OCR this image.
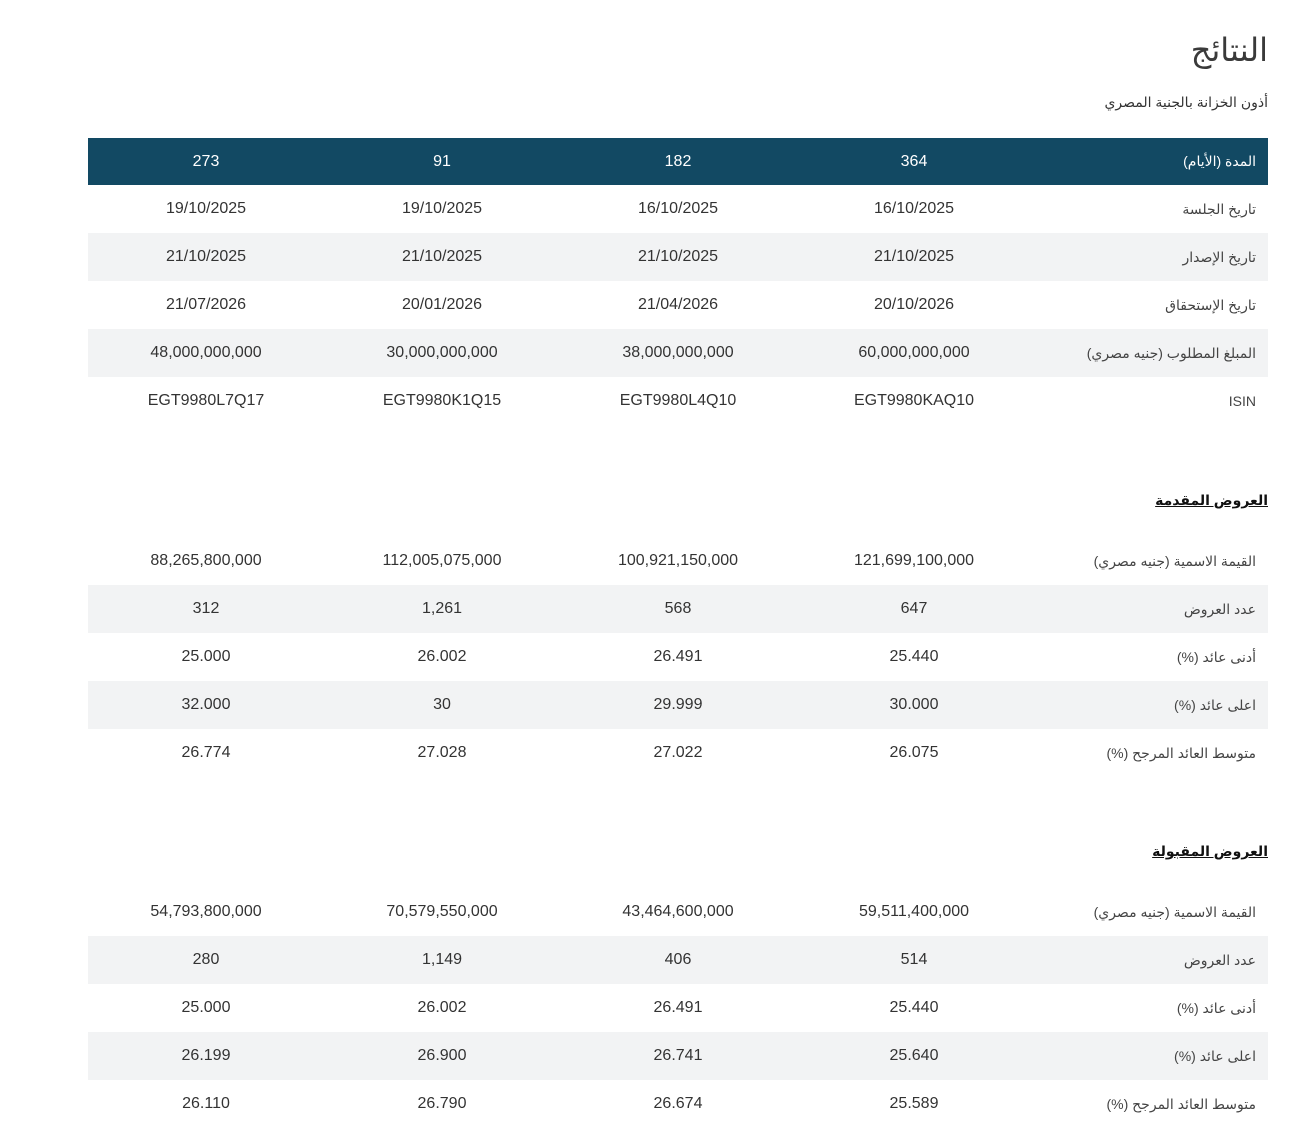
النتائج
أذون الخزانة بالجنية المصري
273	91	182	364	المدة (الأيام)
19/10/2025	19/10/2025	16/10/2025	16/10/2025	تاريخ الجلسة
21/10/2025	21/10/2025	21/10/2025	21/10/2025	تاريخ الإصدار
21/07/2026	20/01/2026	21/04/2026	20/10/2026	تاريخ الإستحقاق
48,000,000,000	30,000,000,000	38,000,000,000	60,000,000,000	المبلغ المطلوب (جنيه مصري)
EGT9980L7Q17	EGT9980K1Q15	EGT9980L4Q10	EGT9980KAQ10	ISIN
العروض المقدمة
88,265,800,000	112,005,075,000	100,921,150,000	121,699,100,000	القيمة الاسمية (جنيه مصري)
312	1,261	568	647	عدد العروض
25.000	26.002	26.491	25.440	أدنى عائد (%)
32.000	30	29.999	30.000	اعلى عائد (%)
26.774	27.028	27.022	26.075	متوسط العائد المرجح (%)
العروض المقبولة
54,793,800,000	70,579,550,000	43,464,600,000	59,511,400,000	القيمة الاسمية (جنيه مصري)
280	1,149	406	514	عدد العروض
25.000	26.002	26.491	25.440	أدنى عائد (%)
26.199	26.900	26.741	25.640	اعلى عائد (%)
26.110	26.790	26.674	25.589	متوسط العائد المرجح (%)
